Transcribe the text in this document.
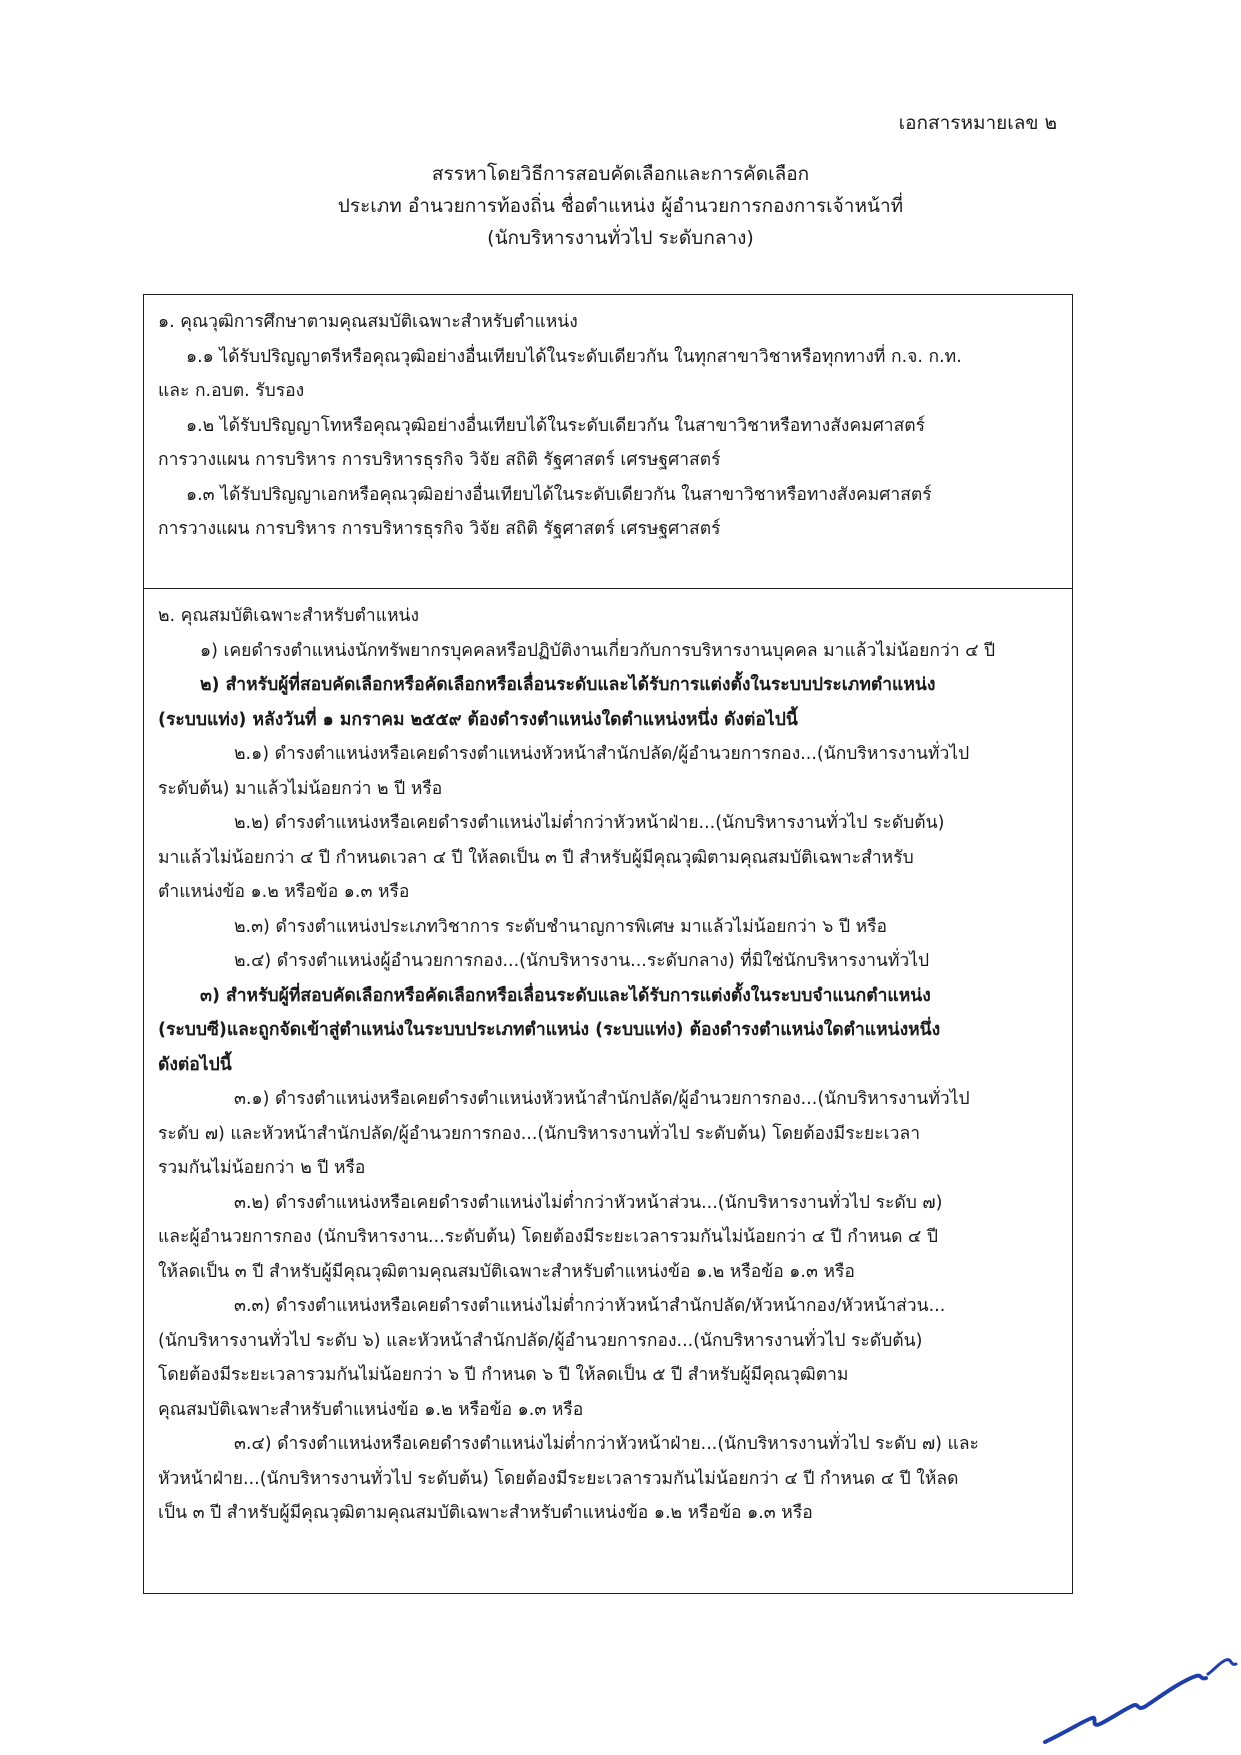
เอกสารหมายเลข ๒
สรรหาโดยวิธีการสอบคัดเลือกและการคัดเลือก
ประเภท อำนวยการท้องถิ่น ชื่อตำแหน่ง ผู้อำนวยการกองการเจ้าหน้าที่
(นักบริหารงานทั่วไป ระดับกลาง)

๑. คุณวุฒิการศึกษาตามคุณสมบัติเฉพาะสำหรับตำแหน่ง

๑.๑ ได้รับปริญญาตรีหรือคุณวุฒิอย่างอื่นเทียบได้ในระดับเดียวกัน ในทุกสาขาวิชาหรือทุกทางที่ ก.จ. ก.ท.

และ ก.อบต. รับรอง

๑.๒ ได้รับปริญญาโทหรือคุณวุฒิอย่างอื่นเทียบได้ในระดับเดียวกัน ในสาขาวิชาหรือทางสังคมศาสตร์

การวางแผน การบริหาร การบริหารธุรกิจ วิจัย สถิติ รัฐศาสตร์ เศรษฐศาสตร์

๑.๓ ได้รับปริญญาเอกหรือคุณวุฒิอย่างอื่นเทียบได้ในระดับเดียวกัน ในสาขาวิชาหรือทางสังคมศาสตร์

การวางแผน การบริหาร การบริหารธุรกิจ วิจัย สถิติ รัฐศาสตร์ เศรษฐศาสตร์

๒. คุณสมบัติเฉพาะสำหรับตำแหน่ง

๑) เคยดำรงตำแหน่งนักทรัพยากรบุคคลหรือปฏิบัติงานเกี่ยวกับการบริหารงานบุคคล มาแล้วไม่น้อยกว่า ๔ ปี

๒) สำหรับผู้ที่สอบคัดเลือกหรือคัดเลือกหรือเลื่อนระดับและได้รับการแต่งตั้งในระบบประเภทตำแหน่ง

(ระบบแท่ง) หลังวันที่ ๑ มกราคม ๒๕๕๙ ต้องดำรงตำแหน่งใดตำแหน่งหนึ่ง ดังต่อไปนี้

๒.๑) ดำรงตำแหน่งหรือเคยดำรงตำแหน่งหัวหน้าสำนักปลัด/ผู้อำนวยการกอง...(นักบริหารงานทั่วไป

ระดับต้น) มาแล้วไม่น้อยกว่า ๒ ปี หรือ

๒.๒) ดำรงตำแหน่งหรือเคยดำรงตำแหน่งไม่ต่ำกว่าหัวหน้าฝ่าย...(นักบริหารงานทั่วไป ระดับต้น)

มาแล้วไม่น้อยกว่า ๔ ปี กำหนดเวลา ๔ ปี ให้ลดเป็น ๓ ปี สำหรับผู้มีคุณวุฒิตามคุณสมบัติเฉพาะสำหรับ

ตำแหน่งข้อ ๑.๒ หรือข้อ ๑.๓ หรือ

๒.๓) ดำรงตำแหน่งประเภทวิชาการ ระดับชำนาญการพิเศษ มาแล้วไม่น้อยกว่า ๖ ปี หรือ

๒.๔) ดำรงตำแหน่งผู้อำนวยการกอง...(นักบริหารงาน...ระดับกลาง) ที่มิใช่นักบริหารงานทั่วไป

๓) สำหรับผู้ที่สอบคัดเลือกหรือคัดเลือกหรือเลื่อนระดับและได้รับการแต่งตั้งในระบบจำแนกตำแหน่ง

(ระบบซี)และถูกจัดเข้าสู่ตำแหน่งในระบบประเภทตำแหน่ง (ระบบแท่ง) ต้องดำรงตำแหน่งใดตำแหน่งหนึ่ง

ดังต่อไปนี้

๓.๑) ดำรงตำแหน่งหรือเคยดำรงตำแหน่งหัวหน้าสำนักปลัด/ผู้อำนวยการกอง...(นักบริหารงานทั่วไป

ระดับ ๗) และหัวหน้าสำนักปลัด/ผู้อำนวยการกอง...(นักบริหารงานทั่วไป ระดับต้น) โดยต้องมีระยะเวลา

รวมกันไม่น้อยกว่า ๒ ปี หรือ

๓.๒) ดำรงตำแหน่งหรือเคยดำรงตำแหน่งไม่ต่ำกว่าหัวหน้าส่วน...(นักบริหารงานทั่วไป ระดับ ๗)

และผู้อำนวยการกอง (นักบริหารงาน...ระดับต้น) โดยต้องมีระยะเวลารวมกันไม่น้อยกว่า ๔ ปี กำหนด ๔ ปี

ให้ลดเป็น ๓ ปี สำหรับผู้มีคุณวุฒิตามคุณสมบัติเฉพาะสำหรับตำแหน่งข้อ ๑.๒ หรือข้อ ๑.๓ หรือ

๓.๓) ดำรงตำแหน่งหรือเคยดำรงตำแหน่งไม่ต่ำกว่าหัวหน้าสำนักปลัด/หัวหน้ากอง/หัวหน้าส่วน...

(นักบริหารงานทั่วไป ระดับ ๖) และหัวหน้าสำนักปลัด/ผู้อำนวยการกอง...(นักบริหารงานทั่วไป ระดับต้น)

โดยต้องมีระยะเวลารวมกันไม่น้อยกว่า ๖ ปี กำหนด ๖ ปี ให้ลดเป็น ๕ ปี สำหรับผู้มีคุณวุฒิตาม

คุณสมบัติเฉพาะสำหรับตำแหน่งข้อ ๑.๒ หรือข้อ ๑.๓ หรือ

๓.๔) ดำรงตำแหน่งหรือเคยดำรงตำแหน่งไม่ต่ำกว่าหัวหน้าฝ่าย...(นักบริหารงานทั่วไป ระดับ ๗) และ

หัวหน้าฝ่าย...(นักบริหารงานทั่วไป ระดับต้น) โดยต้องมีระยะเวลารวมกันไม่น้อยกว่า ๔ ปี กำหนด ๔ ปี ให้ลด

เป็น ๓ ปี สำหรับผู้มีคุณวุฒิตามคุณสมบัติเฉพาะสำหรับตำแหน่งข้อ ๑.๒ หรือข้อ ๑.๓ หรือ
